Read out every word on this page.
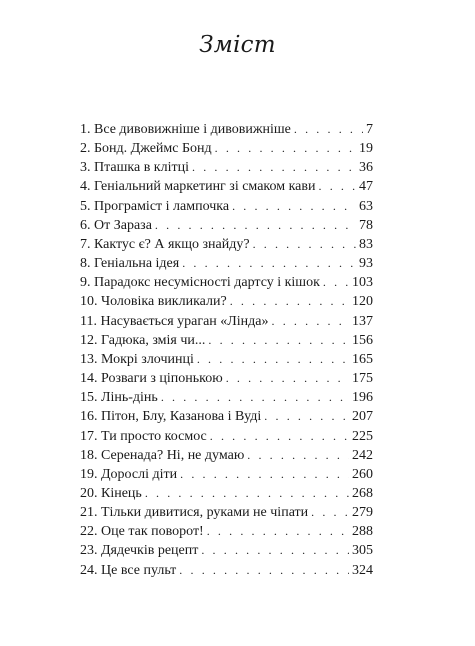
Зміст
1. Все дивовижніше і дивовижніше . . .	7
2. Бонд. Джеймс Бонд . . .	19
3. Пташка в клітці . . .	36
4. Геніальний маркетинг зі смаком кави . . .	47
5. Програміст і лампочка . . .	63
6. От Зараза . . .	78
7. Кактус є? А якщо знайду? . . .	83
8. Геніальна ідея . . .	93
9. Парадокс несумісності дартсу і кішок . . . 103
10. Чоловіка викликали? . . .	120
11. Насувається ураган «Лінда» . . .	137
12. Гадюка, змія чи... . . .	156
13. Мокрі злочинці . . .	165
14. Розваги з ціпонькою . . .	175
15. Лінь-дінь . . .	196
16. Пітон, Блу, Казанова і Вуді . . .	207
17. Ти просто космос . . .	225
18. Серенада? Ні, не думаю . . .	242
19. Дорослі діти . . .	260
20. Кінець . . .	268
21. Тільки дивитися, руками не чіпати . . .	279
22. Оце так поворот! . . .	288
23. Дядечків рецепт . . .	305
24. Це все пульт . . .	324
